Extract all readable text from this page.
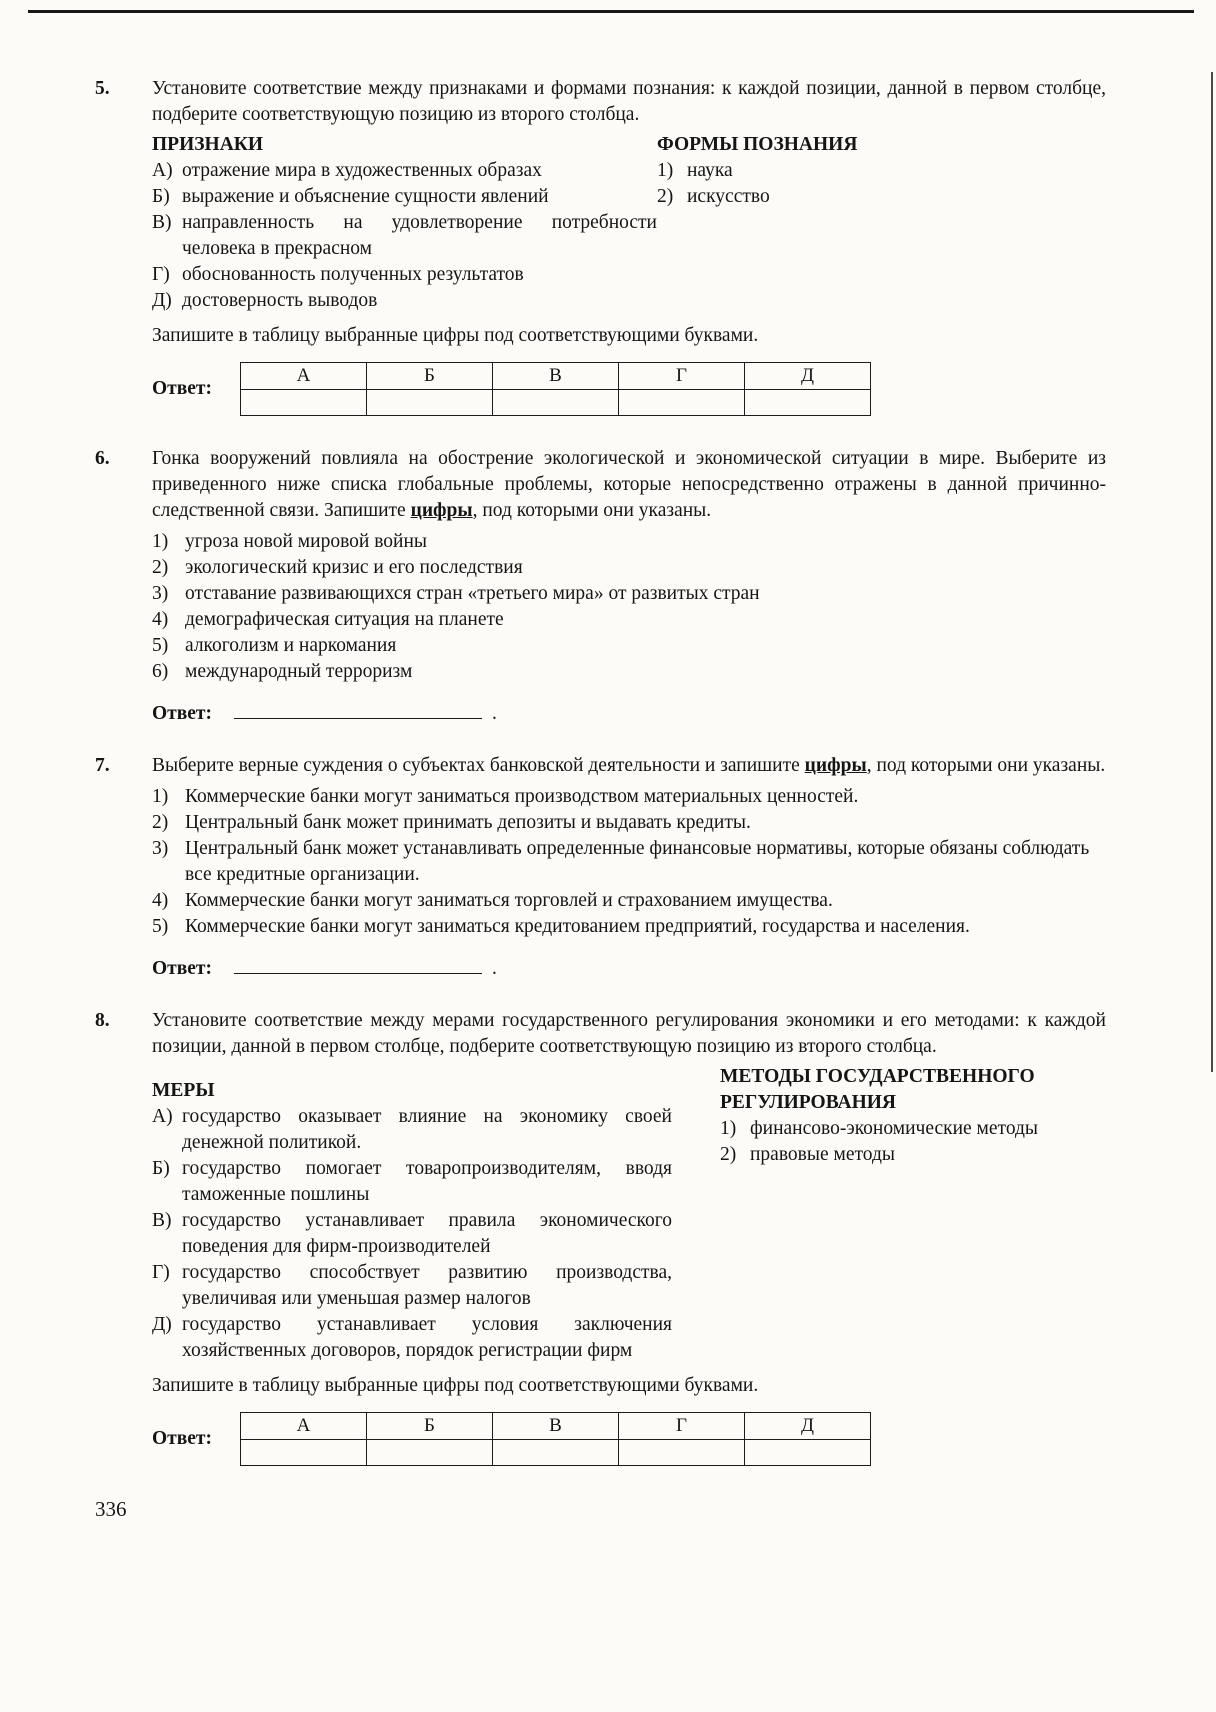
5.	Установите соответствие между признаками и формами познания: к каждой позиции, данной в первом столбце, подберите соответствующую позицию из второго столбца.

ПРИЗНАКИ
А) отражение мира в художественных образах
Б) выражение и объяснение сущности явлений
В) направленность на удовлетворение потребности человека в прекрасном
Г) обоснованность полученных результатов
Д) достоверность выводов
ФОРМЫ ПОЗНАНИЯ
1) наука
2) искусство

Запишите в таблицу выбранные цифры под соответствующими буквами.

Ответ:
А	Б	В	Г	Д

6.	Гонка вооружений повлияла на обострение экологической и экономической ситуации в мире. Выберите из приведенного ниже списка глобальные проблемы, которые непосредственно отражены в данной причинно-следственной связи. Запишите цифры, под которыми они указаны.

1) угроза новой мировой войны
2) экологический кризис и его последствия
3) отставание развивающихся стран «третьего мира» от развитых стран
4) демографическая ситуация на планете
5) алкоголизм и наркомания
6) международный терроризм
Ответ:	.
7.	Выберите верные суждения о субъектах банковской деятельности и запишите цифры, под которыми они указаны.

1) Коммерческие банки могут заниматься производством материальных ценностей.
2) Центральный банк может принимать депозиты и выдавать кредиты.
3) Центральный банк может устанавливать определенные финансовые нормативы, которые обязаны соблюдать все кредитные организации.
4) Коммерческие банки могут заниматься торговлей и страхованием имущества.
5) Коммерческие банки могут заниматься кредитованием предприятий, государства и населения.
Ответ:	.
8.	Установите соответствие между мерами государственного регулирования экономики и его методами: к каждой позиции, данной в первом столбце, подберите соответствующую позицию из второго столбца.

МЕРЫ
А) государство оказывает влияние на экономику своей денежной политикой.
Б) государство помогает товаропроизводителям, вводя таможенные пошлины
В) государство устанавливает правила экономического поведения для фирм-производителей
Г) государство способствует развитию производства, увеличивая или уменьшая размер налогов
Д) государство устанавливает условия заключения хозяйственных договоров, порядок регистрации фирм
МЕТОДЫ ГОСУДАРСТВЕННОГО РЕГУЛИРОВАНИЯ
1) финансово-экономические методы
2) правовые методы

Запишите в таблицу выбранные цифры под соответствующими буквами.

Ответ:
А	Б	В	Г	Д

336
